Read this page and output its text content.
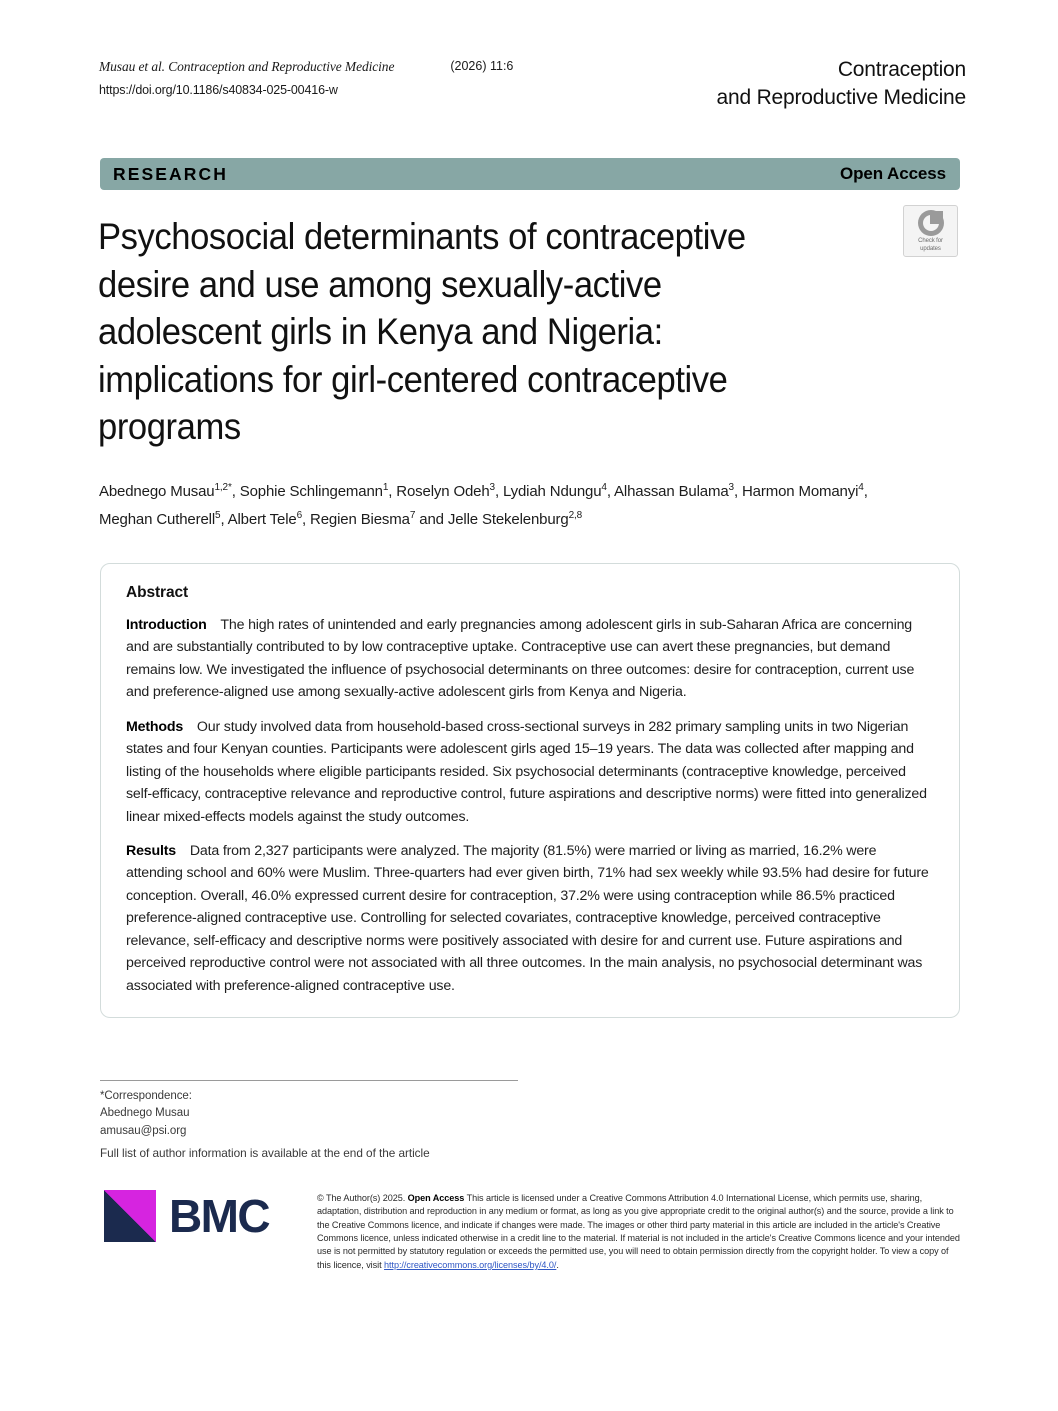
Musau et al. Contraception and Reproductive Medicine	(2026) 11:6
https://doi.org/10.1186/s40834-025-00416-w
Contraception
and Reproductive Medicine
RESEARCH	Open Access
Check for
updates
Psychosocial determinants of contraceptive desire and use among sexually-active adolescent girls in Kenya and Nigeria: implications for girl-centered contraceptive programs
Abednego Musau$^{1,2*}$, Sophie Schlingemann$^1$, Roselyn Odeh$^3$, Lydiah Ndungu$^4$, Alhassan Bulama$^3$, Harmon Momanyi$^4$, Meghan Cutherell$^5$, Albert Tele$^6$, Regien Biesma$^7$ and Jelle Stekelenburg$^{2,8}$
Abstract

Introduction  The high rates of unintended and early pregnancies among adolescent girls in sub-Saharan Africa are concerning and are substantially contributed to by low contraceptive uptake. Contraceptive use can avert these pregnancies, but demand remains low. We investigated the influence of psychosocial determinants on three outcomes: desire for contraception, current use and preference-aligned use among sexually-active adolescent girls from Kenya and Nigeria.

Methods  Our study involved data from household-based cross-sectional surveys in 282 primary sampling units in two Nigerian states and four Kenyan counties. Participants were adolescent girls aged 15–19 years. The data was collected after mapping and listing of the households where eligible participants resided. Six psychosocial determinants (contraceptive knowledge, perceived self-efficacy, contraceptive relevance and reproductive control, future aspirations and descriptive norms) were fitted into generalized linear mixed-effects models against the study outcomes.

Results  Data from 2,327 participants were analyzed. The majority (81.5%) were married or living as married, 16.2% were attending school and 60% were Muslim. Three-quarters had ever given birth, 71% had sex weekly while 93.5% had desire for future conception. Overall, 46.0% expressed current desire for contraception, 37.2% were using contraception while 86.5% practiced preference-aligned contraceptive use. Controlling for selected covariates, contraceptive knowledge, perceived contraceptive relevance, self-efficacy and descriptive norms were positively associated with desire for and current use. Future aspirations and perceived reproductive control were not associated with all three outcomes. In the main analysis, no psychosocial determinant was associated with preference-aligned contraceptive use.

*Correspondence:
Abednego Musau
amusau@psi.org
Full list of author information is available at the end of the article
BMC	© The Author(s) 2025. Open Access This article is licensed under a Creative Commons Attribution 4.0 International License, which permits use, sharing, adaptation, distribution and reproduction in any medium or format, as long as you give appropriate credit to the original author(s) and the source, provide a link to the Creative Commons licence, and indicate if changes were made. The images or other third party material in this article are included in the article's Creative Commons licence, unless indicated otherwise in a credit line to the material. If material is not included in the article's Creative Commons licence and your intended use is not permitted by statutory regulation or exceeds the permitted use, you will need to obtain permission directly from the copyright holder. To view a copy of this licence, visit http://creativecommons.org/licenses/by/4.0/.
